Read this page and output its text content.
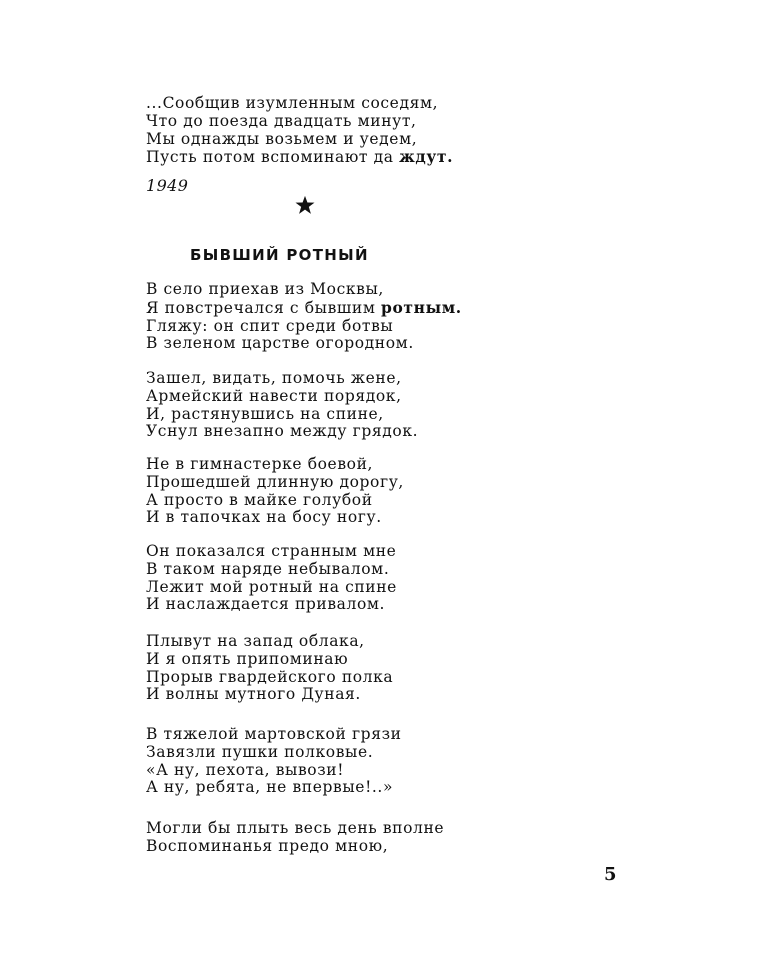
...Сообщив изумленным соседям,
Что до поезда двадцать минут,
Мы однажды возьмем и уедем,
Пусть потом вспоминают да ждут.
1949
БЫВШИЙ РОТНЫЙ
В село приехав из Москвы,
Я повстречался с бывшим ротным.
Гляжу: он спит среди ботвы
В зеленом царстве огородном.
Зашел, видать, помочь жене,
Армейский навести порядок,
И, растянувшись на спине,
Уснул внезапно между грядок.
Не в гимнастерке боевой,
Прошедшей длинную дорогу,
А просто в майке голубой
И в тапочках на босу ногу.
Он показался странным мне
В таком наряде небывалом.
Лежит мой ротный на спине
И наслаждается привалом.
Плывут на запад облака,
И я опять припоминаю
Прорыв гвардейского полка
И волны мутного Дуная.
В тяжелой мартовской грязи
Завязли пушки полковые.
«А ну, пехота, вывози!
А ну, ребята, не впервые!..»
Могли бы плыть весь день вполне
Воспоминанья предо мною,
5
